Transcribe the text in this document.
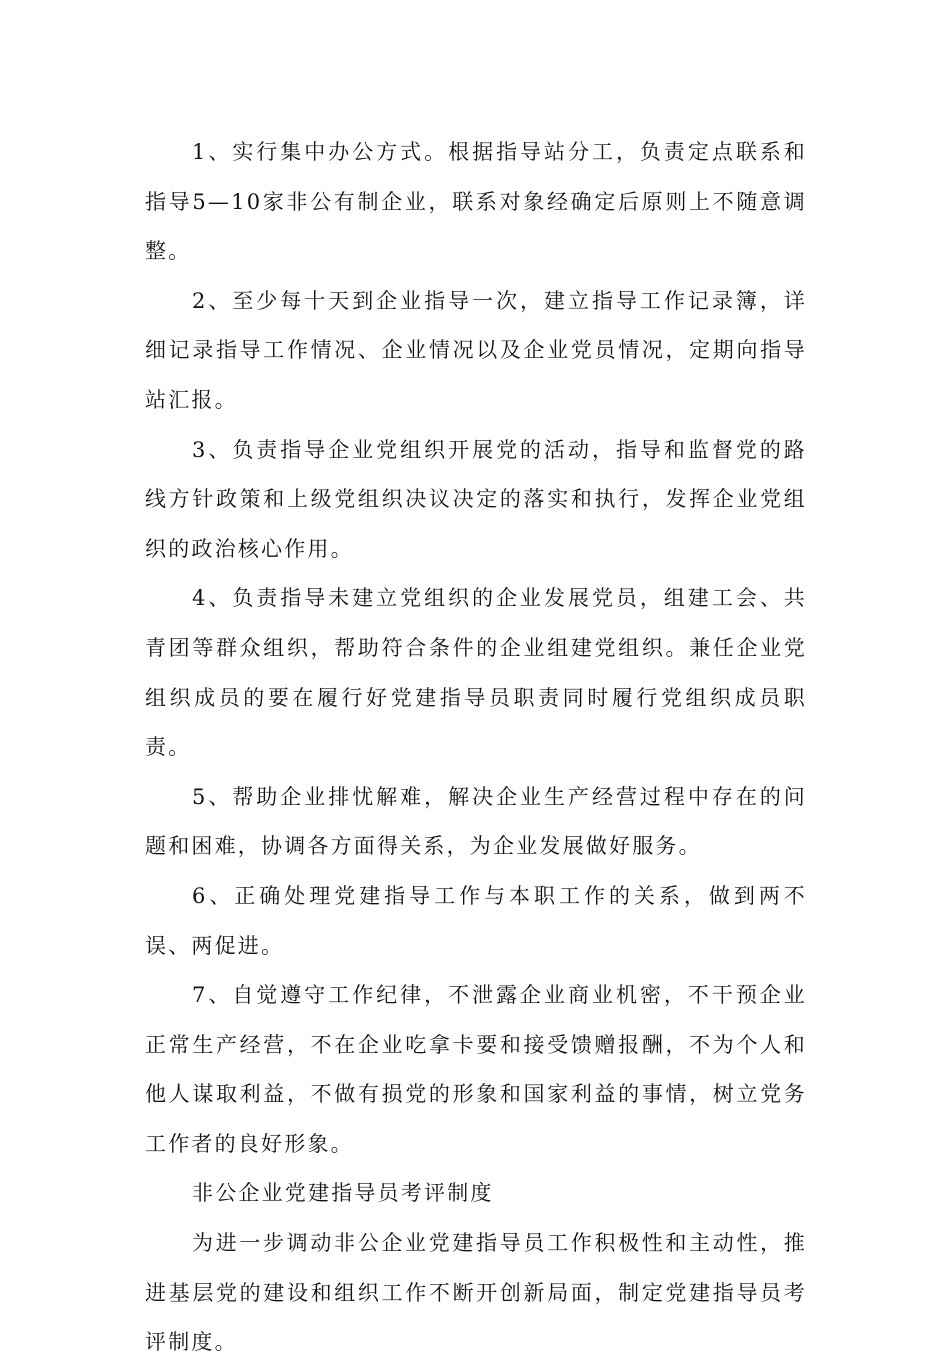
1、实行集中办公方式。根据指导站分工，负责定点联系和指导5—10家非公有制企业，联系对象经确定后原则上不随意调整。

2、至少每十天到企业指导一次，建立指导工作记录簿，详细记录指导工作情况、企业情况以及企业党员情况，定期向指导站汇报。

3、负责指导企业党组织开展党的活动，指导和监督党的路线方针政策和上级党组织决议决定的落实和执行，发挥企业党组织的政治核心作用。

4、负责指导未建立党组织的企业发展党员，组建工会、共青团等群众组织，帮助符合条件的企业组建党组织。兼任企业党组织成员的要在履行好党建指导员职责同时履行党组织成员职责。

5、帮助企业排忧解难，解决企业生产经营过程中存在的问题和困难，协调各方面得关系，为企业发展做好服务。

6、正确处理党建指导工作与本职工作的关系，做到两不误、两促进。

7、自觉遵守工作纪律，不泄露企业商业机密，不干预企业正常生产经营，不在企业吃拿卡要和接受馈赠报酬，不为个人和他人谋取利益，不做有损党的形象和国家利益的事情，树立党务工作者的良好形象。

非公企业党建指导员考评制度

为进一步调动非公企业党建指导员工作积极性和主动性，推进基层党的建设和组织工作不断开创新局面，制定党建指导员考评制度。
